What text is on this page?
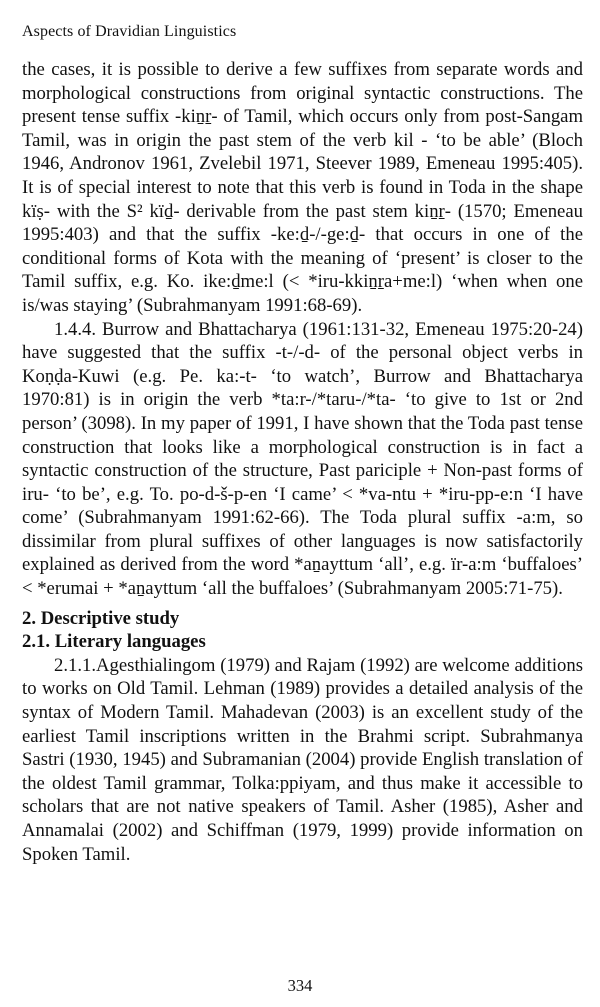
Aspects of Dravidian Linguistics

the cases, it is possible to derive a few suffixes from separate words and morphological constructions from original syntactic constructions. The present tense suffix -kiṉṟ- of Tamil, which occurs only from post-Sangam Tamil, was in origin the past stem of the verb kil - ‘to be able’ (Bloch 1946, Andronov 1961, Zvelebil 1971, Steever 1989, Emeneau 1995:405). It is of special interest to note that this verb is found in Toda in the shape kïṣ- with the S² kïḏ- derivable from the past stem kiṉṟ- (1570; Emeneau 1995:403) and that the suffix -ke:ḏ-/-ge:ḏ- that occurs in one of the conditional forms of Kota with the meaning of ‘present’ is closer to the Tamil suffix, e.g. Ko. ike:ḏme:l (< *iru-kkiṉṟa+me:l) ‘when when one is/was staying’ (Subrahmanyam 1991:68-69).

1.4.4. Burrow and Bhattacharya (1961:131-32, Emeneau 1975:20-24) have suggested that the suffix -t-/-d- of the personal object verbs in Koṇḍa-Kuwi (e.g. Pe. ka:-t- ‘to watch’, Burrow and Bhattacharya 1970:81) is in origin the verb *ta:r-/*taru-/*ta- ‘to give to 1st or 2nd person’ (3098). In my paper of 1991, I have shown that the Toda past tense construction that looks like a morphological construction is in fact a syntactic construction of the structure, Past pariciple + Non-past forms of iru- ‘to be’, e.g. To. po-d-š-p-en ‘I came’ < *va-ntu + *iru-pp-e:n ‘I have come’ (Subrahmanyam 1991:62-66). The Toda plural suffix -a:m, so dissimilar from plural suffixes of other languages is now satisfactorily explained as derived from the word *aṉayttum ‘all’, e.g. ïr-a:m ‘buffaloes’ < *erumai + *aṉayttum ‘all the buffaloes’ (Subrahmanyam 2005:71-75).

2. Descriptive study
2.1. Literary languages

2.1.1.Agesthialingom (1979) and Rajam (1992) are welcome additions to works on Old Tamil. Lehman (1989) provides a detailed analysis of the syntax of Modern Tamil. Mahadevan (2003) is an excellent study of the earliest Tamil inscriptions written in the Brahmi script. Subrahmanya Sastri (1930, 1945) and Subramanian (2004) provide English translation of the oldest Tamil grammar, Tolka:ppiyam, and thus make it accessible to scholars that are not native speakers of Tamil. Asher (1985), Asher and Annamalai (2002) and Schiffman (1979, 1999) provide information on Spoken Tamil.

334
